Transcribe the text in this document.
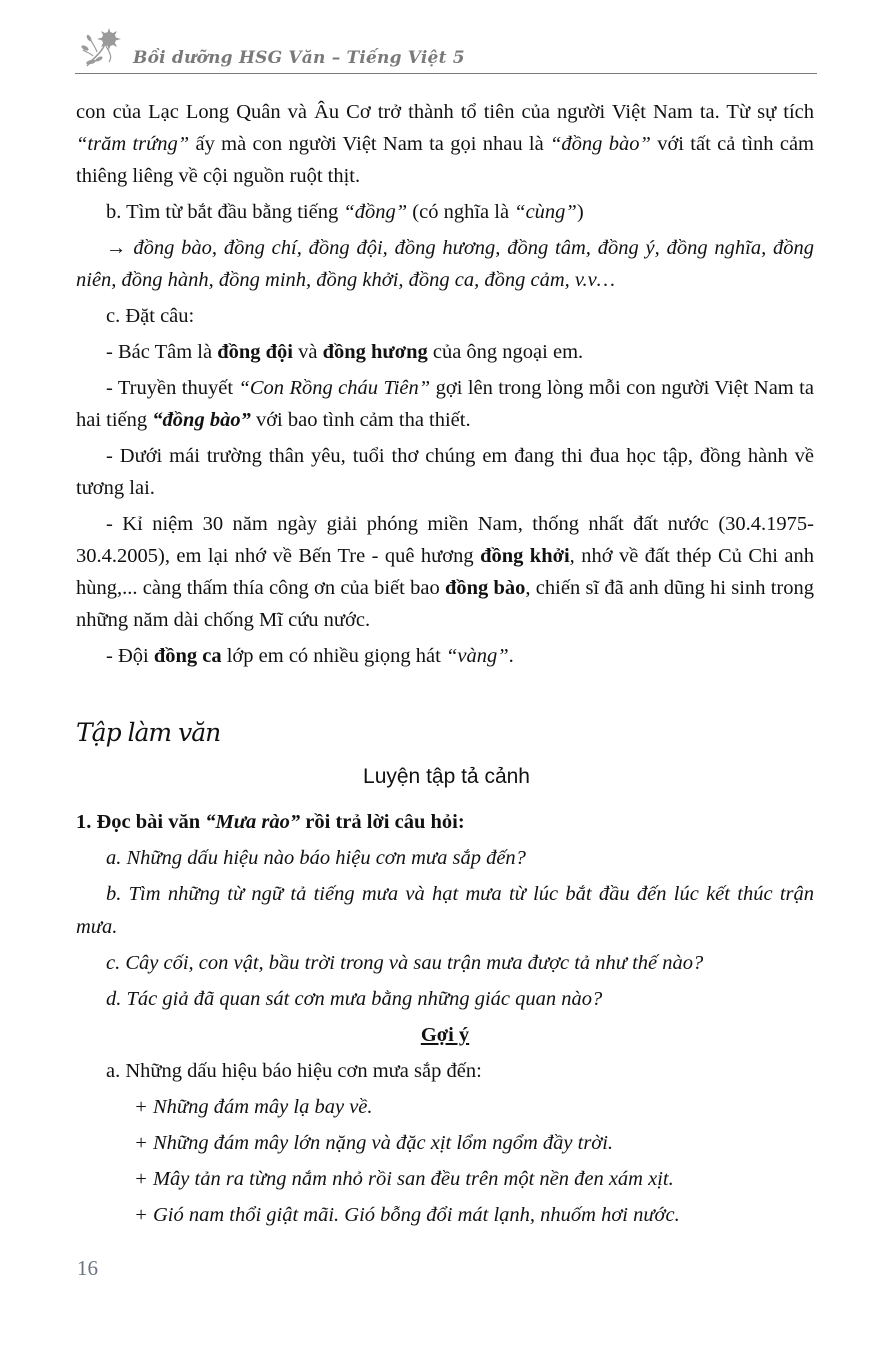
Bồi dưỡng HSG Văn – Tiếng Việt 5

con của Lạc Long Quân và Âu Cơ trở thành tổ tiên của người Việt Nam ta. Từ sự tích “trăm trứng” ấy mà con người Việt Nam ta gọi nhau là “đồng bào” với tất cả tình cảm thiêng liêng về cội nguồn ruột thịt.

b. Tìm từ bắt đầu bằng tiếng “đồng” (có nghĩa là “cùng”)

→ đồng bào, đồng chí, đồng đội, đồng hương, đồng tâm, đồng ý, đồng nghĩa, đồng niên, đồng hành, đồng minh, đồng khởi, đồng ca, đồng cảm, v.v…

c. Đặt câu:

- Bác Tâm là đồng đội và đồng hương của ông ngoại em.

- Truyền thuyết “Con Rồng cháu Tiên” gợi lên trong lòng mỗi con người Việt Nam ta hai tiếng “đồng bào” với bao tình cảm tha thiết.

- Dưới mái trường thân yêu, tuổi thơ chúng em đang thi đua học tập, đồng hành về tương lai.

- Kỉ niệm 30 năm ngày giải phóng miền Nam, thống nhất đất nước (30.4.1975- 30.4.2005), em lại nhớ về Bến Tre - quê hương đồng khởi, nhớ về đất thép Củ Chi anh hùng,... càng thấm thía công ơn của biết bao đồng bào, chiến sĩ đã anh dũng hi sinh trong những năm dài chống Mĩ cứu nước.

- Đội đồng ca lớp em có nhiều giọng hát “vàng”.

Tập làm văn
Luyện tập tả cảnh

1. Đọc bài văn “Mưa rào” rồi trả lời câu hỏi:

a. Những dấu hiệu nào báo hiệu cơn mưa sắp đến?

b. Tìm những từ ngữ tả tiếng mưa và hạt mưa từ lúc bắt đầu đến lúc kết thúc trận mưa.

c. Cây cối, con vật, bầu trời trong và sau trận mưa được tả như thế nào?

d. Tác giả đã quan sát cơn mưa bằng những giác quan nào?

Gợi ý

a. Những dấu hiệu báo hiệu cơn mưa sắp đến:

+ Những đám mây lạ bay về.

+ Những đám mây lớn nặng và đặc xịt lổm ngổm đầy trời.

+ Mây tản ra từng nắm nhỏ rồi san đều trên một nền đen xám xịt.

+ Gió nam thổi giật mãi. Gió bỗng đổi mát lạnh, nhuốm hơi nước.

16
